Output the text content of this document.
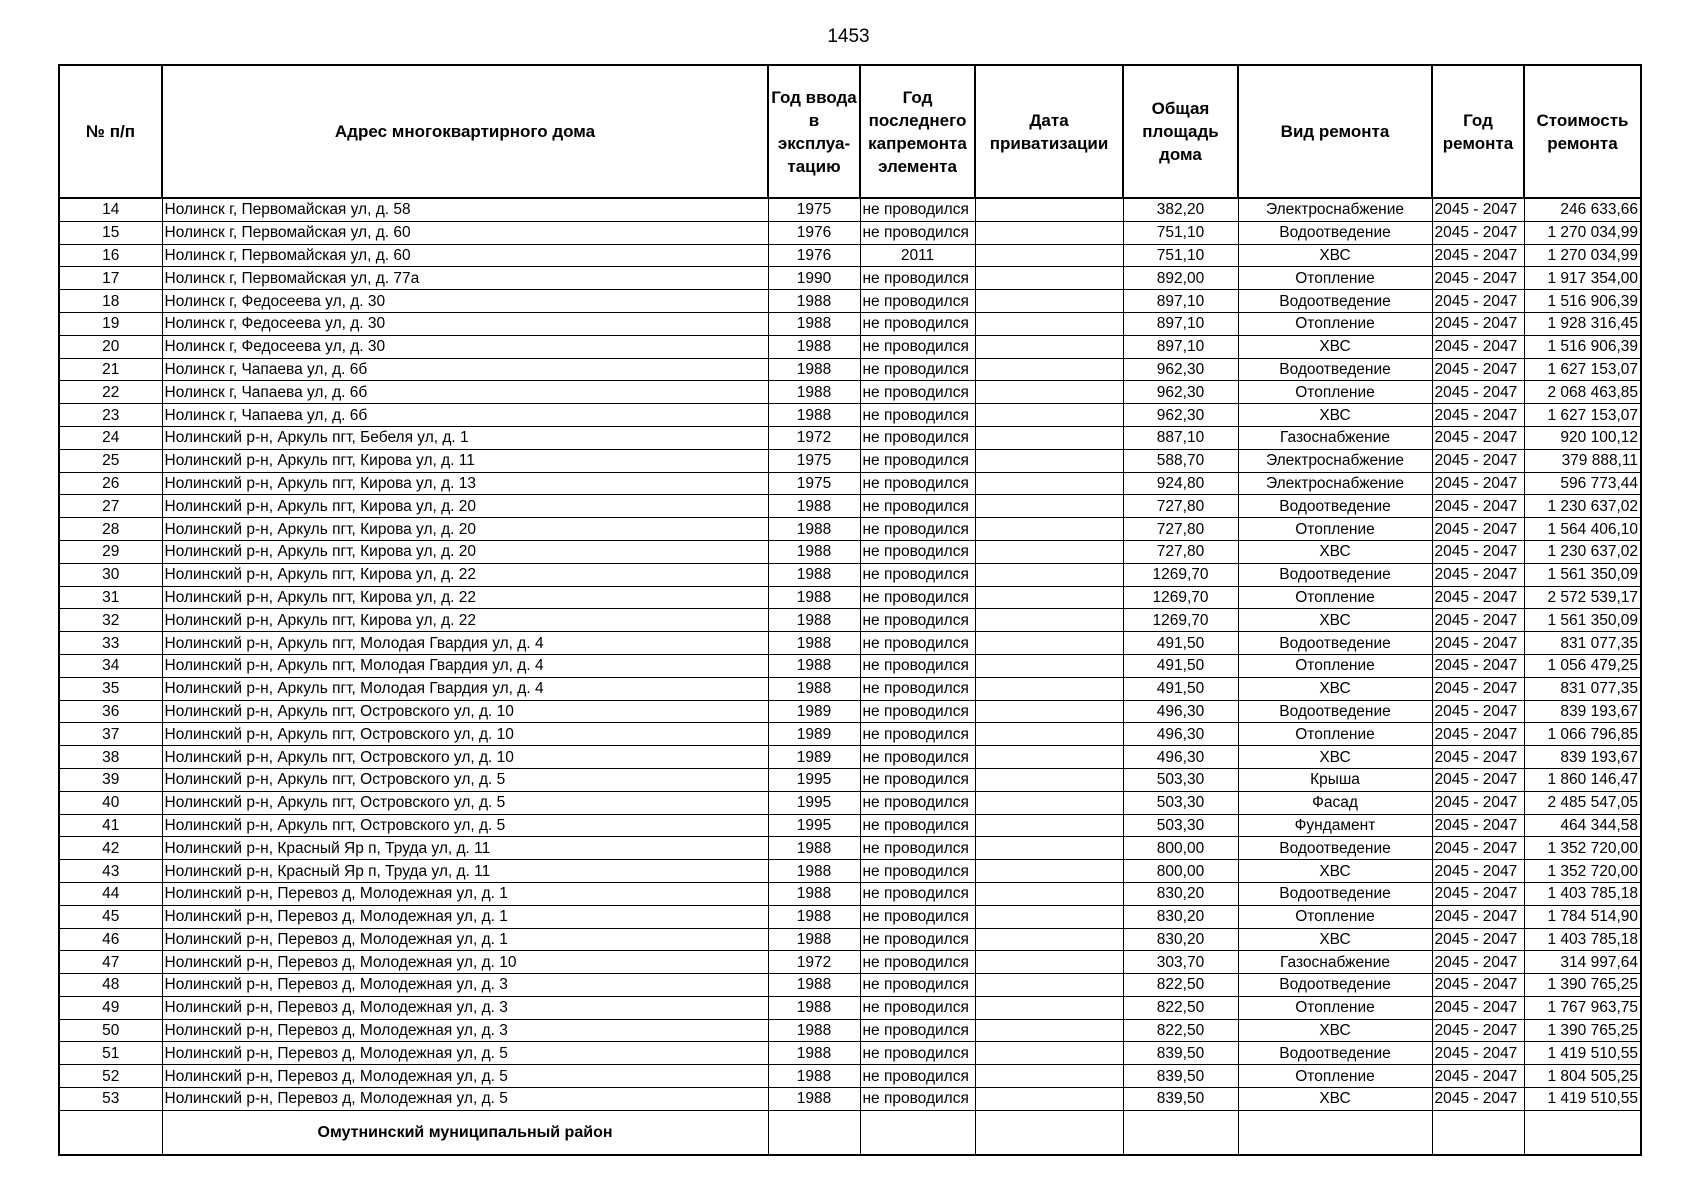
1453
№ п/п	Адрес многоквартирного дома	Год ввода в эксплуа- тацию	Год последнего капремонта элемента	Дата приватизации	Общая площадь дома	Вид ремонта	Год ремонта	Стоимость ремонта
14	Нолинск г, Первомайская ул, д. 58	1975	не проводился		382,20	Электроснабжение	2045 - 2047	246 633,66
15	Нолинск г, Первомайская ул, д. 60	1976	не проводился		751,10	Водоотведение	2045 - 2047	1 270 034,99
16	Нолинск г, Первомайская ул, д. 60	1976	2011		751,10	ХВС	2045 - 2047	1 270 034,99
17	Нолинск г, Первомайская ул, д. 77а	1990	не проводился		892,00	Отопление	2045 - 2047	1 917 354,00
18	Нолинск г, Федосеева ул, д. 30	1988	не проводился		897,10	Водоотведение	2045 - 2047	1 516 906,39
19	Нолинск г, Федосеева ул, д. 30	1988	не проводился		897,10	Отопление	2045 - 2047	1 928 316,45
20	Нолинск г, Федосеева ул, д. 30	1988	не проводился		897,10	ХВС	2045 - 2047	1 516 906,39
21	Нолинск г, Чапаева ул, д. 6б	1988	не проводился		962,30	Водоотведение	2045 - 2047	1 627 153,07
22	Нолинск г, Чапаева ул, д. 6б	1988	не проводился		962,30	Отопление	2045 - 2047	2 068 463,85
23	Нолинск г, Чапаева ул, д. 6б	1988	не проводился		962,30	ХВС	2045 - 2047	1 627 153,07
24	Нолинский р-н, Аркуль пгт, Бебеля ул, д. 1	1972	не проводился		887,10	Газоснабжение	2045 - 2047	920 100,12
25	Нолинский р-н, Аркуль пгт, Кирова ул, д. 11	1975	не проводился		588,70	Электроснабжение	2045 - 2047	379 888,11
26	Нолинский р-н, Аркуль пгт, Кирова ул, д. 13	1975	не проводился		924,80	Электроснабжение	2045 - 2047	596 773,44
27	Нолинский р-н, Аркуль пгт, Кирова ул, д. 20	1988	не проводился		727,80	Водоотведение	2045 - 2047	1 230 637,02
28	Нолинский р-н, Аркуль пгт, Кирова ул, д. 20	1988	не проводился		727,80	Отопление	2045 - 2047	1 564 406,10
29	Нолинский р-н, Аркуль пгт, Кирова ул, д. 20	1988	не проводился		727,80	ХВС	2045 - 2047	1 230 637,02
30	Нолинский р-н, Аркуль пгт, Кирова ул, д. 22	1988	не проводился		1269,70	Водоотведение	2045 - 2047	1 561 350,09
31	Нолинский р-н, Аркуль пгт, Кирова ул, д. 22	1988	не проводился		1269,70	Отопление	2045 - 2047	2 572 539,17
32	Нолинский р-н, Аркуль пгт, Кирова ул, д. 22	1988	не проводился		1269,70	ХВС	2045 - 2047	1 561 350,09
33	Нолинский р-н, Аркуль пгт, Молодая Гвардия ул, д. 4	1988	не проводился		491,50	Водоотведение	2045 - 2047	831 077,35
34	Нолинский р-н, Аркуль пгт, Молодая Гвардия ул, д. 4	1988	не проводился		491,50	Отопление	2045 - 2047	1 056 479,25
35	Нолинский р-н, Аркуль пгт, Молодая Гвардия ул, д. 4	1988	не проводился		491,50	ХВС	2045 - 2047	831 077,35
36	Нолинский р-н, Аркуль пгт, Островского ул, д. 10	1989	не проводился		496,30	Водоотведение	2045 - 2047	839 193,67
37	Нолинский р-н, Аркуль пгт, Островского ул, д. 10	1989	не проводился		496,30	Отопление	2045 - 2047	1 066 796,85
38	Нолинский р-н, Аркуль пгт, Островского ул, д. 10	1989	не проводился		496,30	ХВС	2045 - 2047	839 193,67
39	Нолинский р-н, Аркуль пгт, Островского ул, д. 5	1995	не проводился		503,30	Крыша	2045 - 2047	1 860 146,47
40	Нолинский р-н, Аркуль пгт, Островского ул, д. 5	1995	не проводился		503,30	Фасад	2045 - 2047	2 485 547,05
41	Нолинский р-н, Аркуль пгт, Островского ул, д. 5	1995	не проводился		503,30	Фундамент	2045 - 2047	464 344,58
42	Нолинский р-н, Красный Яр п, Труда ул, д. 11	1988	не проводился		800,00	Водоотведение	2045 - 2047	1 352 720,00
43	Нолинский р-н, Красный Яр п, Труда ул, д. 11	1988	не проводился		800,00	ХВС	2045 - 2047	1 352 720,00
44	Нолинский р-н, Перевоз д, Молодежная ул, д. 1	1988	не проводился		830,20	Водоотведение	2045 - 2047	1 403 785,18
45	Нолинский р-н, Перевоз д, Молодежная ул, д. 1	1988	не проводился		830,20	Отопление	2045 - 2047	1 784 514,90
46	Нолинский р-н, Перевоз д, Молодежная ул, д. 1	1988	не проводился		830,20	ХВС	2045 - 2047	1 403 785,18
47	Нолинский р-н, Перевоз д, Молодежная ул, д. 10	1972	не проводился		303,70	Газоснабжение	2045 - 2047	314 997,64
48	Нолинский р-н, Перевоз д, Молодежная ул, д. 3	1988	не проводился		822,50	Водоотведение	2045 - 2047	1 390 765,25
49	Нолинский р-н, Перевоз д, Молодежная ул, д. 3	1988	не проводился		822,50	Отопление	2045 - 2047	1 767 963,75
50	Нолинский р-н, Перевоз д, Молодежная ул, д. 3	1988	не проводился		822,50	ХВС	2045 - 2047	1 390 765,25
51	Нолинский р-н, Перевоз д, Молодежная ул, д. 5	1988	не проводился		839,50	Водоотведение	2045 - 2047	1 419 510,55
52	Нолинский р-н, Перевоз д, Молодежная ул, д. 5	1988	не проводился		839,50	Отопление	2045 - 2047	1 804 505,25
53	Нолинский р-н, Перевоз д, Молодежная ул, д. 5	1988	не проводился		839,50	ХВС	2045 - 2047	1 419 510,55
	Омутнинский муниципальный район							
